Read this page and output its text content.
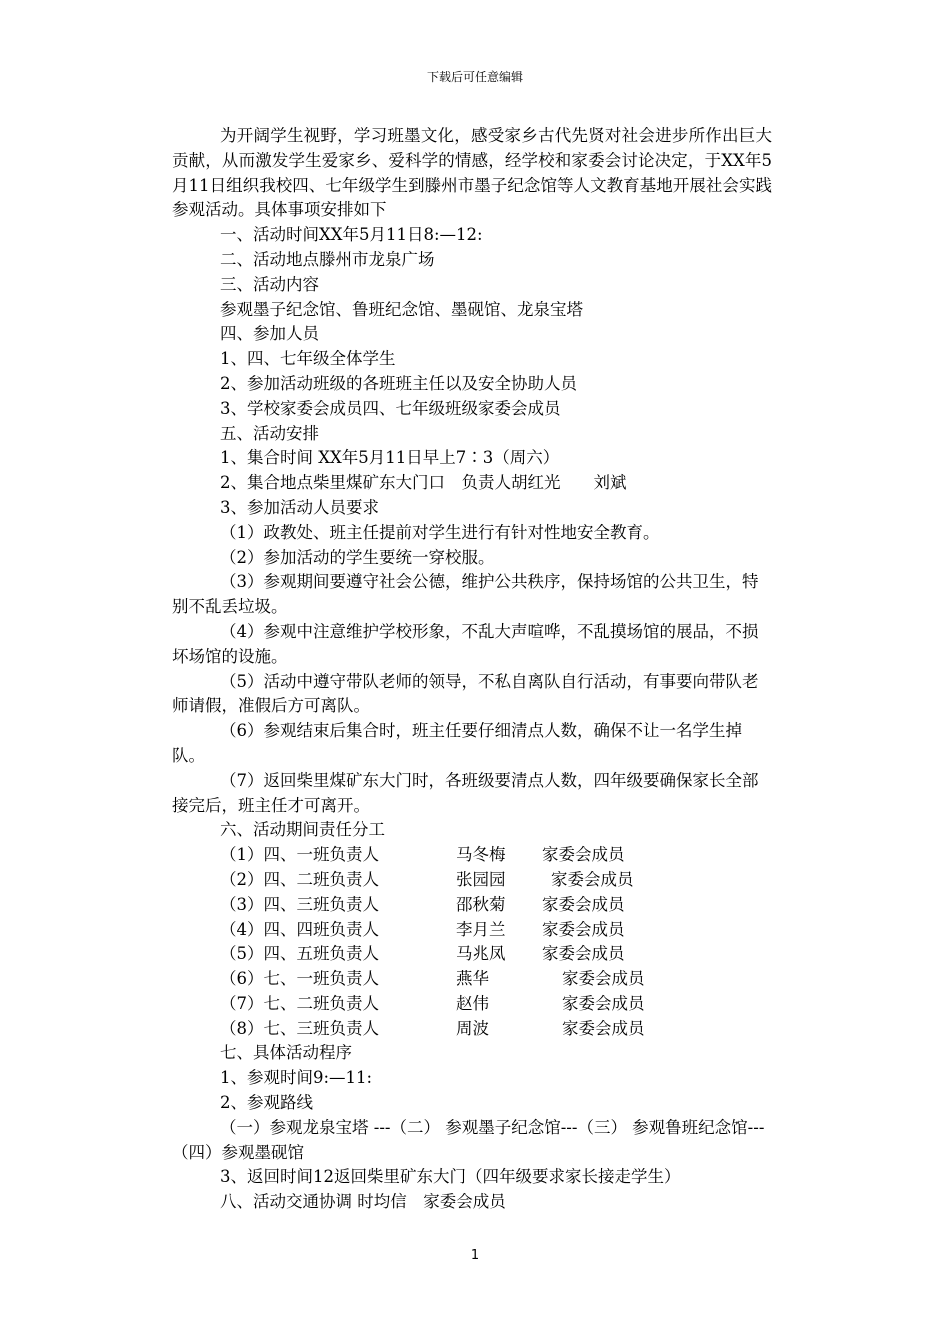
下载后可任意编辑

为开阔学生视野，学习班墨文化，感受家乡古代先贤对社会进步所作出巨大贡献，从而激发学生爱家乡、爱科学的情感，经学校和家委会讨论决定，于XX年5月11日组织我校四、七年级学生到滕州市墨子纪念馆等人文教育基地开展社会实践参观活动。具体事项安排如下

一、活动时间XX年5月11日8:—12:

二、活动地点滕州市龙泉广场

三、活动内容

参观墨子纪念馆、鲁班纪念馆、墨砚馆、龙泉宝塔

四、参加人员

1、四、七年级全体学生

2、参加活动班级的各班班主任以及安全协助人员

3、学校家委会成员四、七年级班级家委会成员

五、活动安排

1、集合时间 XX年5月11日早上7∶3（周六）

2、集合地点柴里煤矿东大门口　负责人胡红光　　刘斌

3、参加活动人员要求

（1）政教处、班主任提前对学生进行有针对性地安全教育。

（2）参加活动的学生要统一穿校服。

（3）参观期间要遵守社会公德，维护公共秩序，保持场馆的公共卫生，特别不乱丢垃圾。

（4）参观中注意维护学校形象，不乱大声喧哗，不乱摸场馆的展品，不损坏场馆的设施。

（5）活动中遵守带队老师的领导，不私自离队自行活动，有事要向带队老师请假，准假后方可离队。

（6）参观结束后集合时，班主任要仔细清点人数，确保不让一名学生掉队。

（7）返回柴里煤矿东大门时，各班级要清点人数，四年级要确保家长全部接完后，班主任才可离开。

六、活动期间责任分工

（1）四、一班负责人	马冬梅	家委会成员
（2）四、二班负责人	张园园	家委会成员
（3）四、三班负责人	邵秋菊	家委会成员
（4）四、四班负责人	李月兰	家委会成员
（5）四、五班负责人	马兆凤	家委会成员
（6）七、一班负责人	燕华	家委会成员
（7）七、二班负责人	赵伟	家委会成员
（8）七、三班负责人	周波	家委会成员

七、具体活动程序

1、参观时间9:—11:

2、参观路线

（一）参观龙泉宝塔 ---（二） 参观墨子纪念馆---（三） 参观鲁班纪念馆---（四）参观墨砚馆

3、返回时间12返回柴里矿东大门（四年级要求家长接走学生）

八、活动交通协调 时均信　家委会成员

1
